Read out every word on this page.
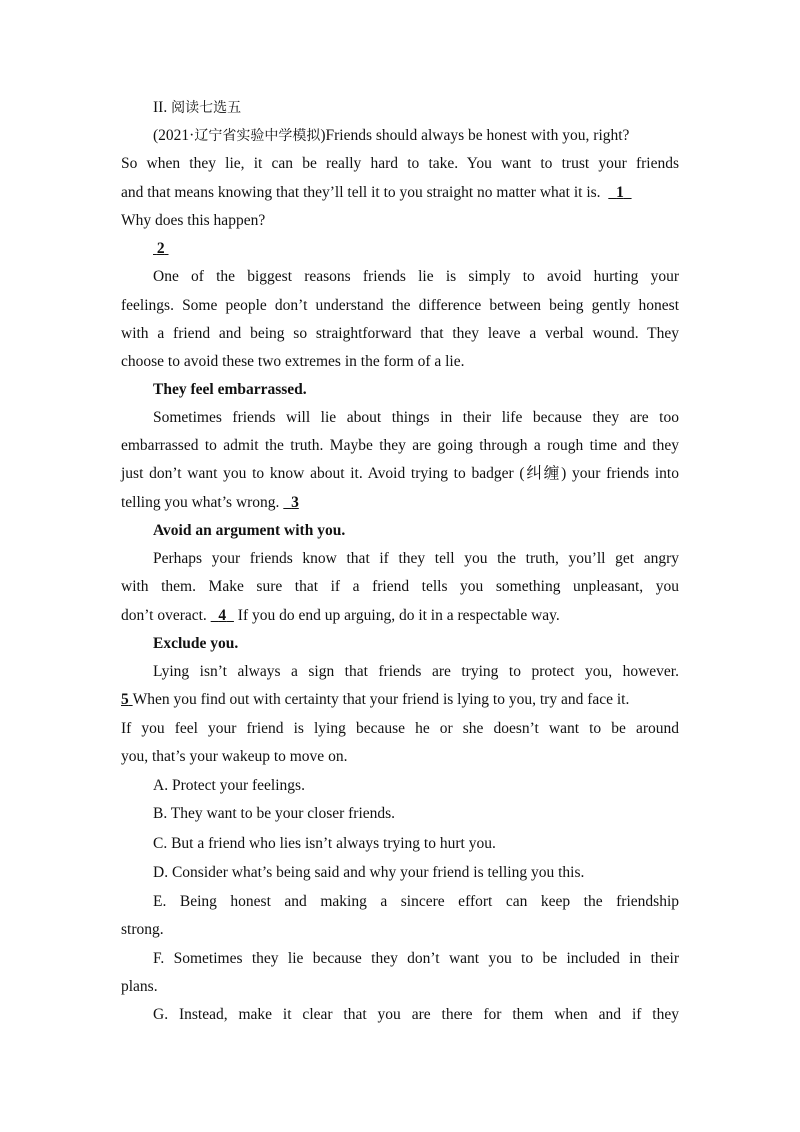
II. 阅读七选五
(2021·辽宁省实验中学模拟)Friends should always be honest with you, right?
So when they lie, it can be really hard to take. You want to trust your friends
and that means knowing that they’ll tell it to you straight no matter what it is. 1
Why does this happen?
2
One of the biggest reasons friends lie is simply to avoid hurting your
feelings. Some people don’t understand the difference between being gently honest
with a friend and being so straightforward that they leave a verbal wound. They
choose to avoid these two extremes in the form of a lie.
They feel embarrassed.
Sometimes friends will lie about things in their life because they are too
embarrassed to admit the truth. Maybe they are going through a rough time and they
just don’t want you to know about it. Avoid trying to badger (纠缠) your friends into
telling you what’s wrong. 3
Avoid an argument with you.
Perhaps your friends know that if they tell you the truth, you’ll get angry
with them. Make sure that if a friend tells you something unpleasant, you
don’t overact. 4 If you do end up arguing, do it in a respectable way.
Exclude you.
Lying isn’t always a sign that friends are trying to protect you, however.
5 When you find out with certainty that your friend is lying to you, try and face it.
If you feel your friend is lying because he or she doesn’t want to be around
you, that’s your wakeup to move on.
A. Protect your feelings.
B. They want to be your closer friends.
C. But a friend who lies isn’t always trying to hurt you.
D. Consider what’s being said and why your friend is telling you this.
E. Being honest and making a sincere effort can keep the friendship
strong.
F. Sometimes they lie because they don’t want you to be included in their
plans.
G. Instead, make it clear that you are there for them when and if they
